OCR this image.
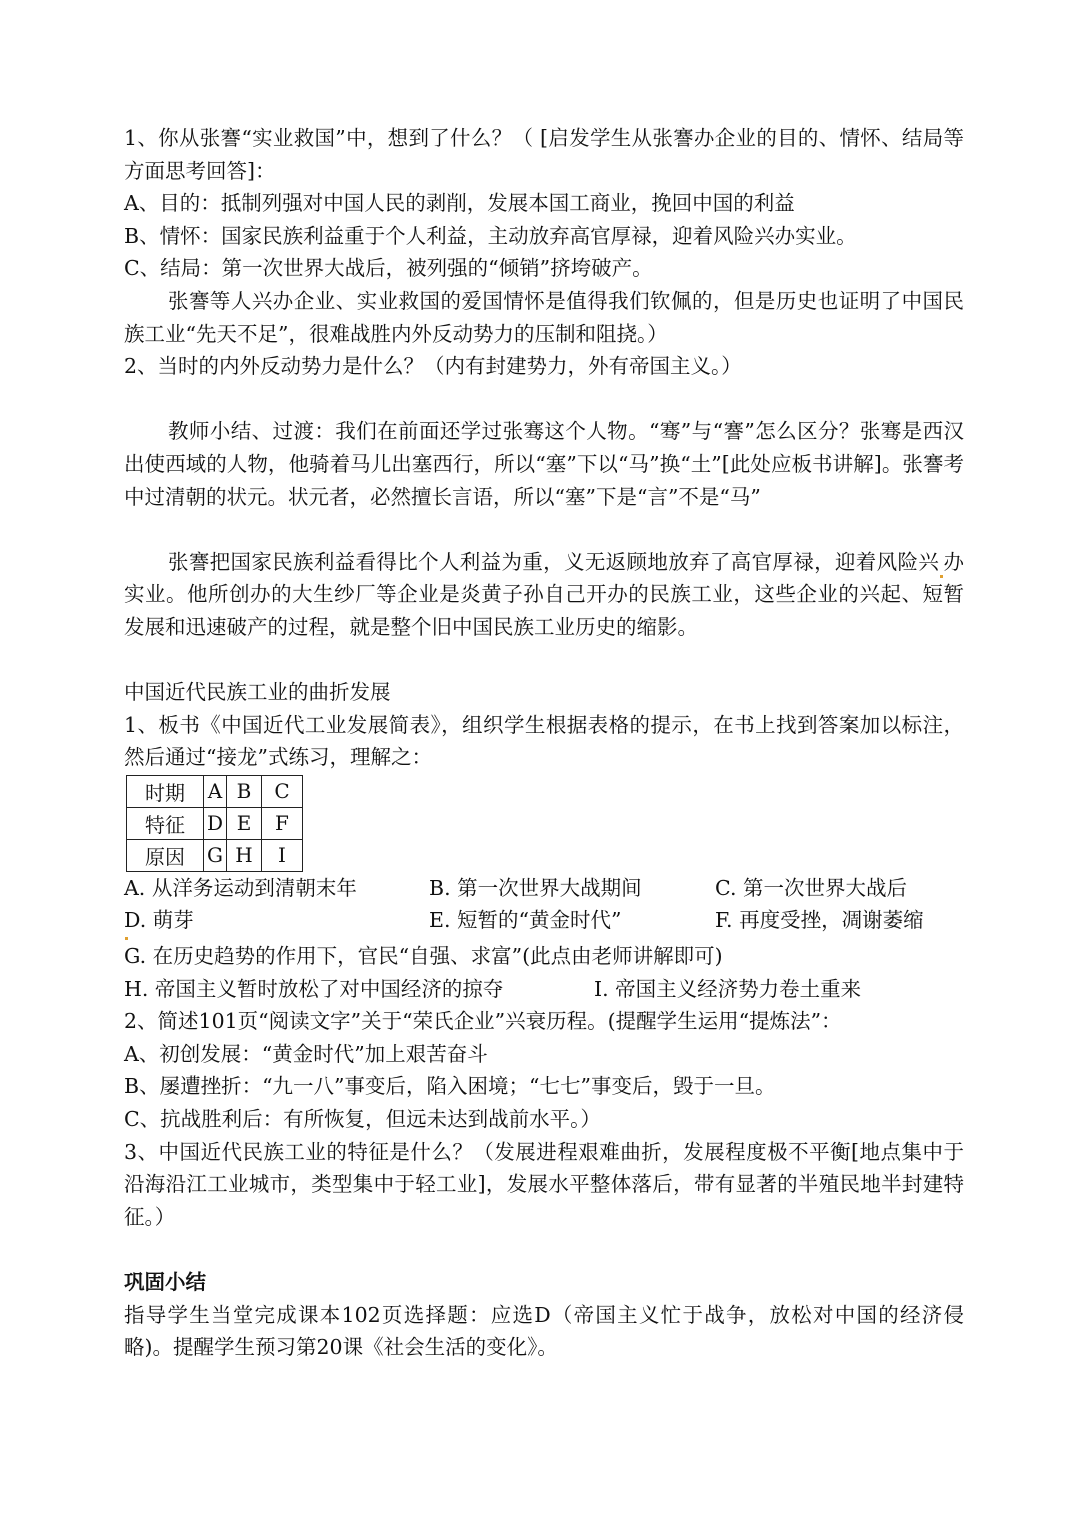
1、你从张謇“实业救国”中，想到了什么？（ [启发学生从张謇办企业的目的、情怀、结局等方面思考回答]：

A、目的：抵制列强对中国人民的剥削，发展本国工商业，挽回中国的利益

B、情怀：国家民族利益重于个人利益，主动放弃高官厚禄，迎着风险兴办实业。

C、结局：第一次世界大战后，被列强的“倾销”挤垮破产。

张謇等人兴办企业、实业救国的爱国情怀是值得我们钦佩的，但是历史也证明了中国民族工业“先天不足”，很难战胜内外反动势力的压制和阻挠。）

2、当时的内外反动势力是什么？（内有封建势力，外有帝国主义。）

教师小结、过渡：我们在前面还学过张骞这个人物。“骞”与“謇”怎么区分？张骞是西汉出使西域的人物，他骑着马儿出塞西行，所以“塞”下以“马”换“土”[此处应板书讲解]。张謇考中过清朝的状元。状元者，必然擅长言语，所以“塞”下是“言”不是“马”

张謇把国家民族利益看得比个人利益为重，义无返顾地放弃了高官厚禄，迎着风险兴 办实业。他所创办的大生纱厂等企业是炎黄子孙自己开办的民族工业，这些企业的兴起、短暂发展和迅速破产的过程，就是整个旧中国民族工业历史的缩影。

中国近代民族工业的曲折发展

1、板书《中国近代工业发展简表》，组织学生根据表格的提示，在书上找到答案加以标注，然后通过“接龙”式练习，理解之：

时期	A	B	C
特征	D	E	F
原因	G	H	I
A. 从洋务运动到清朝末年	B. 第一次世界大战期间	C. 第一次世界大战后
D. 萌芽	E. 短暂的“黄金时代”	F. 再度受挫，凋谢萎缩

G. 在历史趋势的作用下，官民“自强、求富”(此点由老师讲解即可)

H. 帝国主义暂时放松了对中国经济的掠夺	I. 帝国主义经济势力卷土重来

2、简述101页“阅读文字”关于“荣氏企业”兴衰历程。(提醒学生运用“提炼法”：

A、初创发展：“黄金时代”加上艰苦奋斗

B、屡遭挫折：“九一八”事变后，陷入困境；“七七”事变后，毁于一旦。

C、抗战胜利后：有所恢复，但远未达到战前水平。）

3、中国近代民族工业的特征是什么？（发展进程艰难曲折，发展程度极不平衡[地点集中于沿海沿江工业城市，类型集中于轻工业]，发展水平整体落后，带有显著的半殖民地半封建特征。）

巩固小结

指导学生当堂完成课本102页选择题：应选D（帝国主义忙于战争，放松对中国的经济侵略)。提醒学生预习第20课《社会生活的变化》。
